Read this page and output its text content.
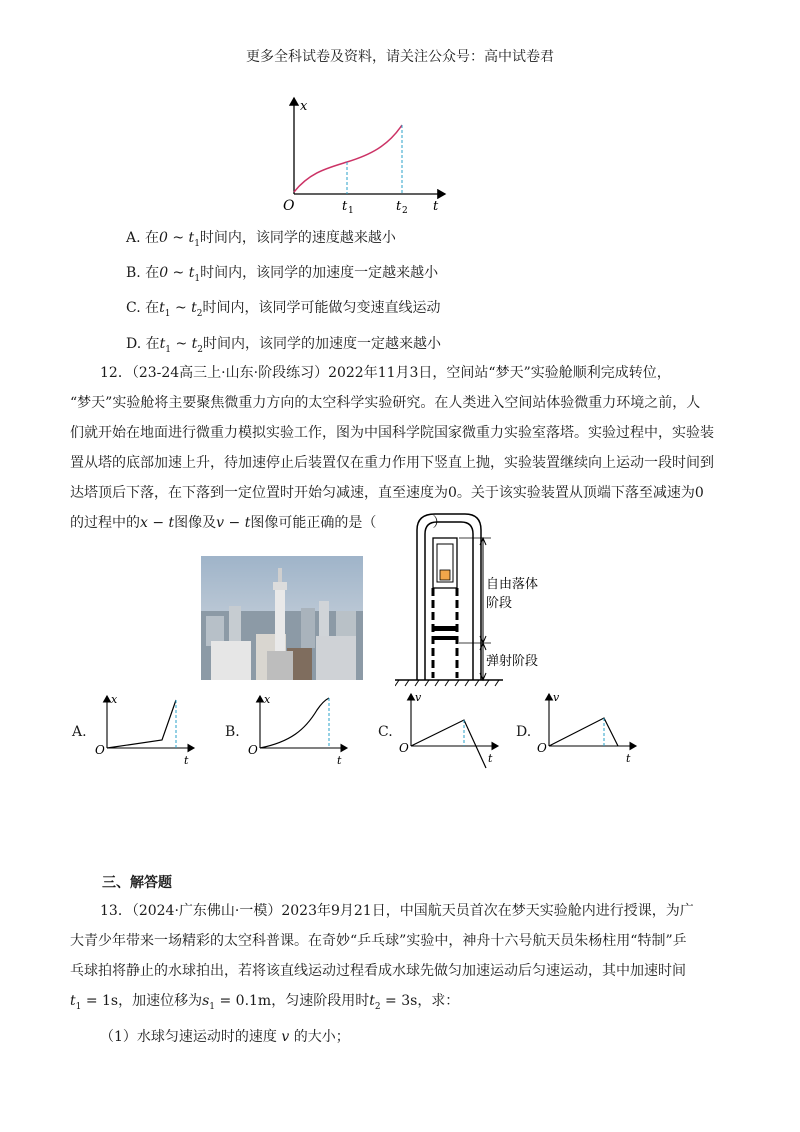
更多全科试卷及资料，请关注公众号：高中试卷君
x
O	t
t 1	t 2
A. 在0 ~ $t_1$时间内，该同学的速度越来越小
B. 在0 ~ $t_1$时间内，该同学的加速度一定越来越小
C. 在$t_1$ ~ $t_2$时间内，该同学可能做匀变速直线运动
D. 在$t_1$ ~ $t_2$时间内，该同学的加速度一定越来越小
12．（23-24高三上·山东·阶段练习）2022年11月3日，空间站“梦天”实验舱顺利完成转位，
“梦天”实验舱将主要聚焦微重力方向的太空科学实验研究。在人类进入空间站体验微重力环境之前，人
们就开始在地面进行微重力模拟实验工作，图为中国科学院国家微重力实验室落塔。实验过程中，实验装
置从塔的底部加速上升，待加速停止后装置仅在重力作用下竖直上抛，实验装置继续向上运动一段时间到
达塔顶后下落，在下落到一定位置时开始匀减速，直至速度为0。关于该实验装置从顶端下落至减速为0
的过程中的x − t图像及v − t图像可能正确的是（　　　　）
自由落体
阶段
弹射阶段
A.
x
O
t
B.
x
O
t
C.
v
O
t
D.
v
O
t
三、解答题
13．（2024·广东佛山·一模）2023年9月21日，中国航天员首次在梦天实验舱内进行授课，为广
大青少年带来一场精彩的太空科普课。在奇妙“乒乓球”实验中，神舟十六号航天员朱杨柱用“特制”乒
乓球拍将静止的水球拍出，若将该直线运动过程看成水球先做匀加速运动后匀速运动，其中加速时间
$t_1 = 1s$，加速位移为$s_1 = 0.1m$，匀速阶段用时$t_2 = 3s$，求：
（1）水球匀速运动时的速度 v 的大小；
